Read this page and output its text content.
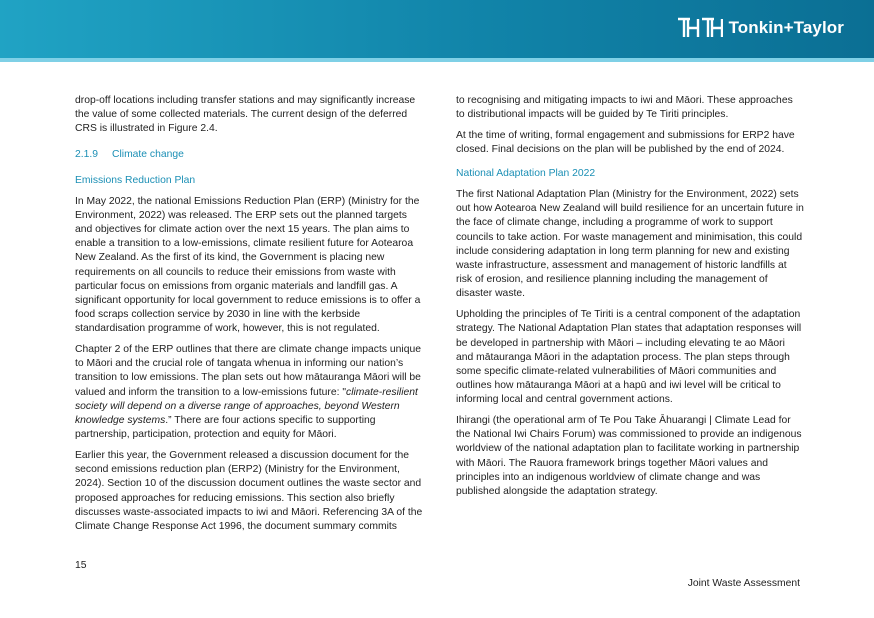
Tonkin+Taylor

drop-off locations including transfer stations and may significantly increase the value of some collected materials. The current design of the deferred CRS is illustrated in Figure 2.4.

2.1.9 Climate change
Emissions Reduction Plan

In May 2022, the national Emissions Reduction Plan (ERP) (Ministry for the Environment, 2022) was released. The ERP sets out the planned targets and objectives for climate action over the next 15 years. The plan aims to enable a transition to a low-emissions, climate resilient future for Aotearoa New Zealand. As the first of its kind, the Government is placing new requirements on all councils to reduce their emissions from waste with particular focus on emissions from organic materials and landfill gas. A significant opportunity for local government to reduce emissions is to offer a food scraps collection service by 2030 in line with the kerbside standardisation programme of work, however, this is not regulated.

Chapter 2 of the ERP outlines that there are climate change impacts unique to Māori and the crucial role of tangata whenua in informing our nation’s transition to low emissions. The plan sets out how mātauranga Māori will be valued and inform the transition to a low-emissions future: "climate-resilient society will depend on a diverse range of approaches, beyond Western knowledge systems.” There are four actions specific to supporting partnership, participation, protection and equity for Māori.

Earlier this year, the Government released a discussion document for the second emissions reduction plan (ERP2) (Ministry for the Environment, 2024). Section 10 of the discussion document outlines the waste sector and proposed approaches for reducing emissions. This section also briefly discusses waste-associated impacts to iwi and Māori. Referencing 3A of the Climate Change Response Act 1996, the document summary commits

to recognising and mitigating impacts to iwi and Māori. These approaches to distributional impacts will be guided by Te Tiriti principles.

At the time of writing, formal engagement and submissions for ERP2 have closed. Final decisions on the plan will be published by the end of 2024.

National Adaptation Plan 2022

The first National Adaptation Plan (Ministry for the Environment, 2022) sets out how Aotearoa New Zealand will build resilience for an uncertain future in the face of climate change, including a programme of work to support councils to take action. For waste management and minimisation, this could include considering adaptation in long term planning for new and existing waste infrastructure, assessment and management of historic landfills at risk of erosion, and resilience planning including the management of disaster waste.

Upholding the principles of Te Tiriti is a central component of the adaptation strategy. The National Adaptation Plan states that adaptation responses will be developed in partnership with Māori – including elevating te ao Māori and mātauranga Māori in the adaptation process. The plan steps through some specific climate-related vulnerabilities of Māori communities and outlines how mātauranga Māori at a hapū and iwi level will be critical to informing local and central government actions.

Ihirangi (the operational arm of Te Pou Take Āhuarangi | Climate Lead for the National Iwi Chairs Forum) was commissioned to provide an indigenous worldview of the national adaptation plan to facilitate working in partnership with Māori. The Rauora framework brings together Māori values and principles into an indigenous worldview of climate change and was published alongside the adaptation strategy.

15
Joint Waste Assessment
